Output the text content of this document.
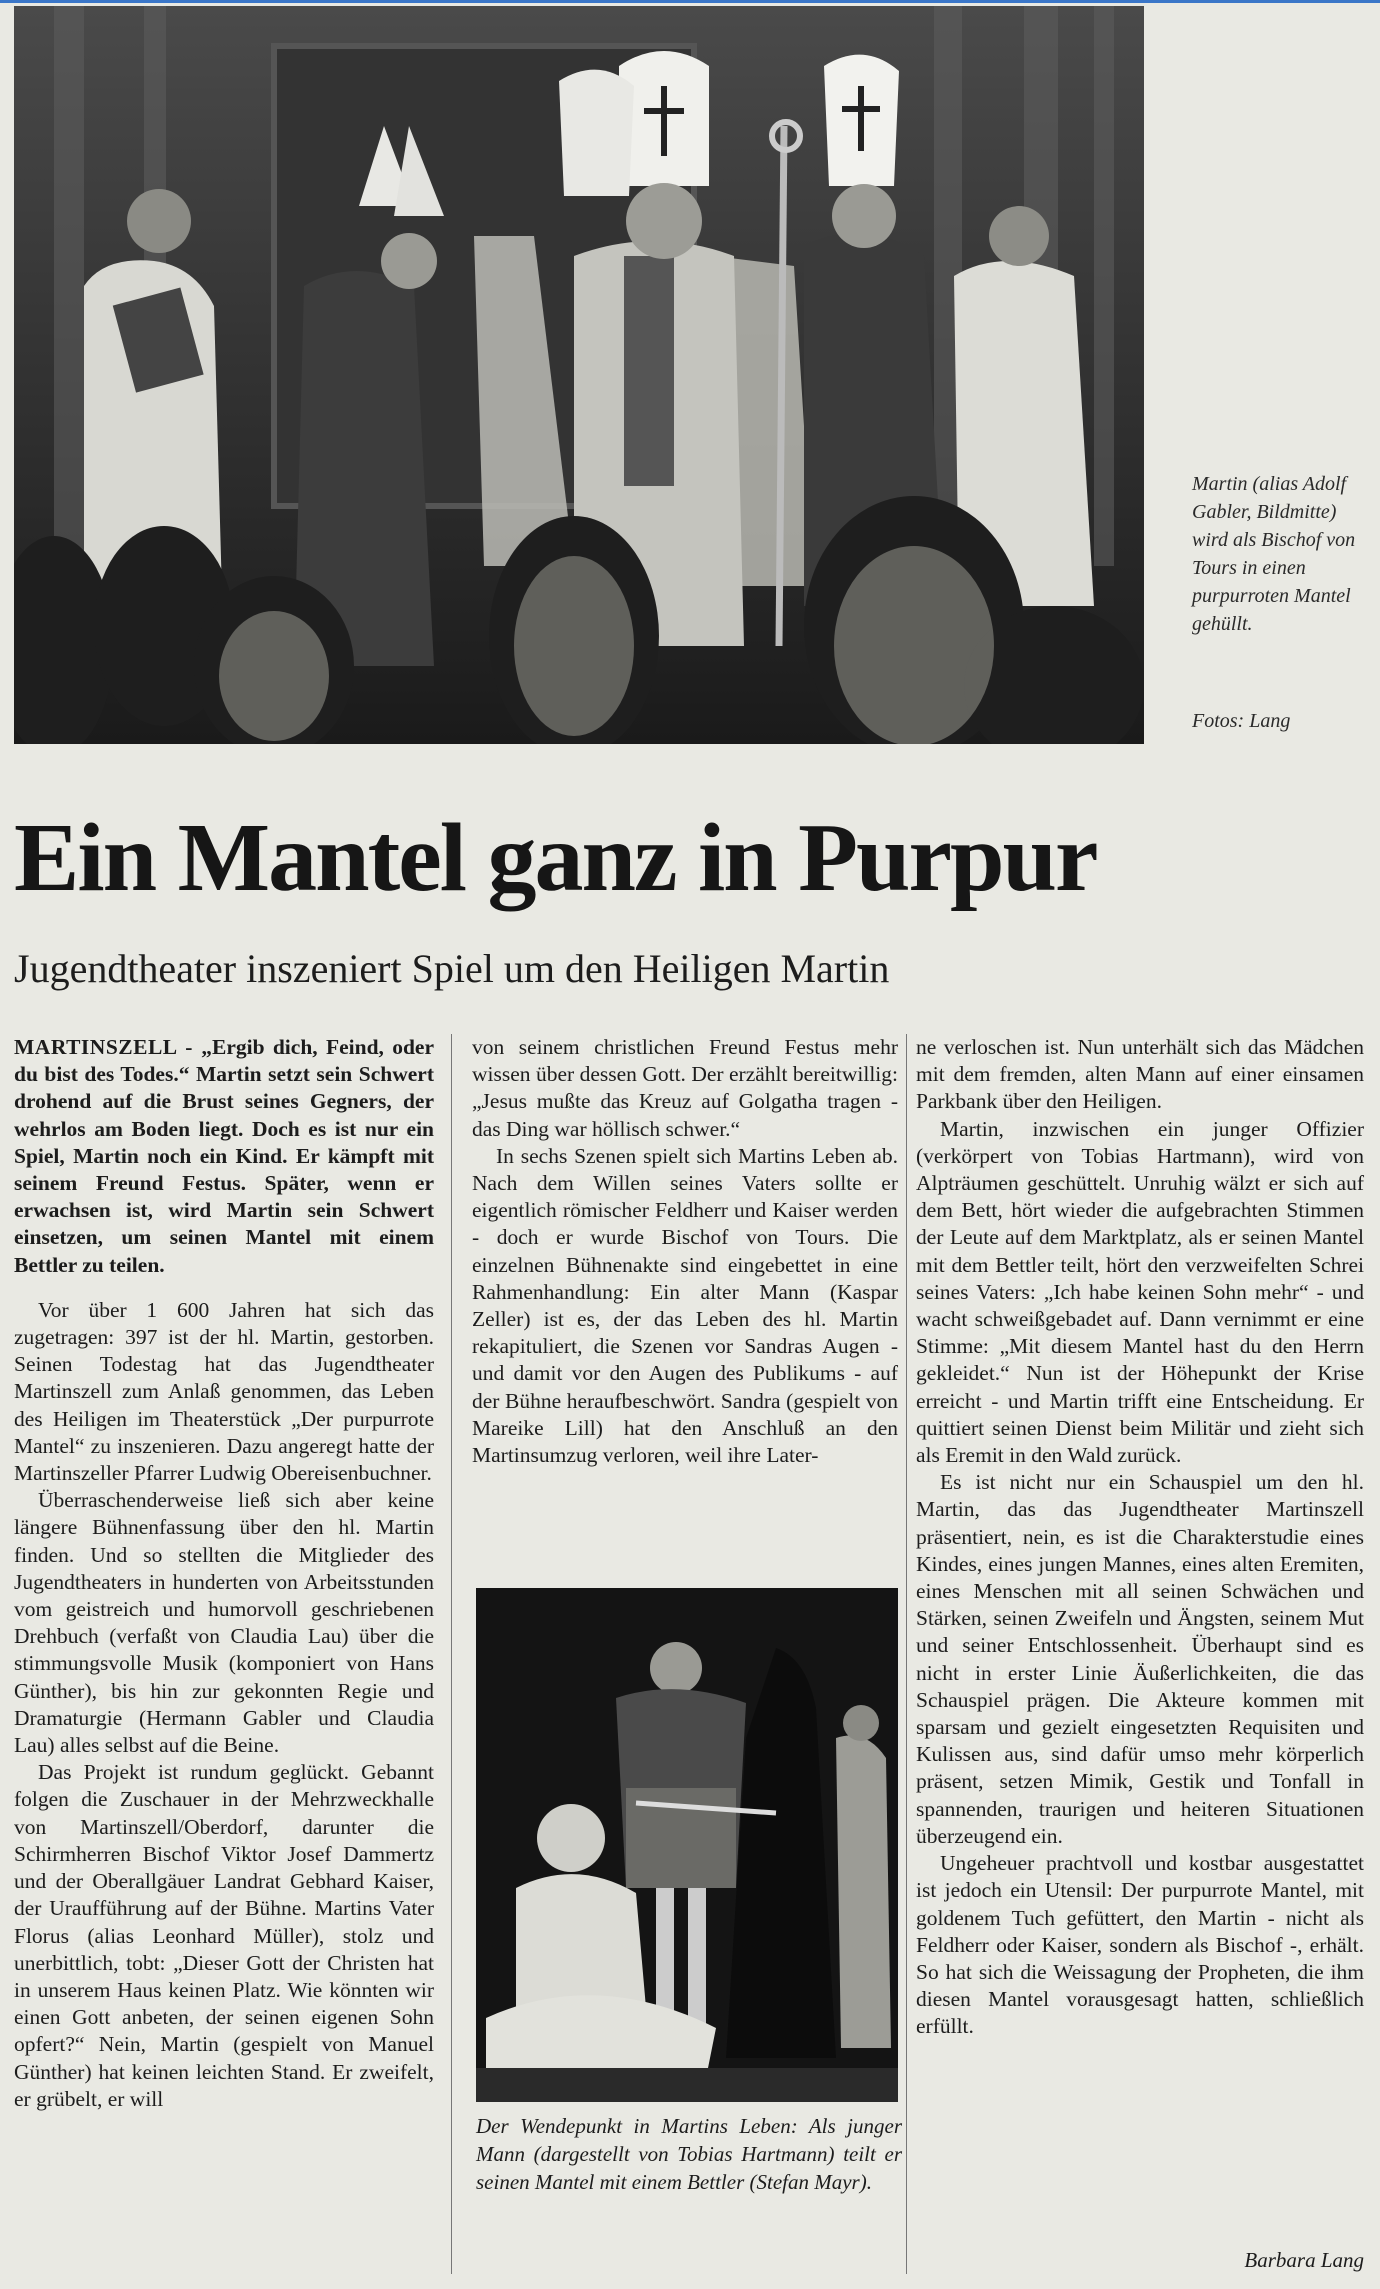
Martin (alias Adolf Gabler, Bildmitte) wird als Bischof von Tours in einen purpurroten Mantel gehüllt.
Fotos: Lang
Ein Mantel ganz in Purpur
Jugendtheater inszeniert Spiel um den Heiligen Martin
MARTINSZELL - „Ergib dich, Feind, oder du bist des Todes.“ Martin setzt sein Schwert drohend auf die Brust seines Gegners, der wehrlos am Boden liegt. Doch es ist nur ein Spiel, Martin noch ein Kind. Er kämpft mit seinem Freund Festus. Später, wenn er erwachsen ist, wird Martin sein Schwert einsetzen, um seinen Mantel mit einem Bettler zu teilen.

Vor über 1 600 Jahren hat sich das zugetragen: 397 ist der hl. Martin, gestorben. Seinen Todestag hat das Jugendtheater Martinszell zum Anlaß genommen, das Leben des Heiligen im Theaterstück „Der purpurrote Mantel“ zu inszenieren. Dazu angeregt hatte der Martinszeller Pfarrer Ludwig Obereisenbuchner.

Überraschenderweise ließ sich aber keine längere Bühnenfassung über den hl. Martin finden. Und so stellten die Mitglieder des Jugendtheaters in hunderten von Arbeitsstunden vom geistreich und humorvoll geschriebenen Drehbuch (verfaßt von Claudia Lau) über die stimmungsvolle Musik (komponiert von Hans Günther), bis hin zur gekonnten Regie und Dramaturgie (Hermann Gabler und Claudia Lau) alles selbst auf die Beine.

Das Projekt ist rundum geglückt. Gebannt folgen die Zuschauer in der Mehrzweckhalle von Martinszell/Oberdorf, darunter die Schirmherren Bischof Viktor Josef Dammertz und der Oberallgäuer Landrat Gebhard Kaiser, der Uraufführung auf der Bühne. Martins Vater Florus (alias Leonhard Müller), stolz und unerbittlich, tobt: „Dieser Gott der Christen hat in unserem Haus keinen Platz. Wie könnten wir einen Gott anbeten, der seinen eigenen Sohn opfert?“ Nein, Martin (gespielt von Manuel Günther) hat keinen leichten Stand. Er zweifelt, er grübelt, er will

von seinem christlichen Freund Festus mehr wissen über dessen Gott. Der erzählt bereitwillig: „Jesus mußte das Kreuz auf Golgatha tragen - das Ding war höllisch schwer.“

In sechs Szenen spielt sich Martins Leben ab. Nach dem Willen seines Vaters sollte er eigentlich römischer Feldherr und Kaiser werden - doch er wurde Bischof von Tours. Die einzelnen Bühnenakte sind eingebettet in eine Rahmenhandlung: Ein alter Mann (Kaspar Zeller) ist es, der das Leben des hl. Martin rekapituliert, die Szenen vor Sandras Augen - und damit vor den Augen des Publikums - auf der Bühne heraufbeschwört. Sandra (gespielt von Mareike Lill) hat den Anschluß an den Martinsumzug verloren, weil ihre Later-

Der Wendepunkt in Martins Leben: Als junger Mann (dargestellt von Tobias Hartmann) teilt er seinen Mantel mit einem Bettler (Stefan Mayr).

ne verloschen ist. Nun unterhält sich das Mädchen mit dem fremden, alten Mann auf einer einsamen Parkbank über den Heiligen.

Martin, inzwischen ein junger Offizier (verkörpert von Tobias Hartmann), wird von Alpträumen geschüttelt. Unruhig wälzt er sich auf dem Bett, hört wieder die aufgebrachten Stimmen der Leute auf dem Marktplatz, als er seinen Mantel mit dem Bettler teilt, hört den verzweifelten Schrei seines Vaters: „Ich habe keinen Sohn mehr“ - und wacht schweißgebadet auf. Dann vernimmt er eine Stimme: „Mit diesem Mantel hast du den Herrn gekleidet.“ Nun ist der Höhepunkt der Krise erreicht - und Martin trifft eine Entscheidung. Er quittiert seinen Dienst beim Militär und zieht sich als Eremit in den Wald zurück.

Es ist nicht nur ein Schauspiel um den hl. Martin, das das Jugendtheater Martinszell präsentiert, nein, es ist die Charakterstudie eines Kindes, eines jungen Mannes, eines alten Eremiten, eines Menschen mit all seinen Schwächen und Stärken, seinen Zweifeln und Ängsten, seinem Mut und seiner Entschlossenheit. Überhaupt sind es nicht in erster Linie Äußerlichkeiten, die das Schauspiel prägen. Die Akteure kommen mit sparsam und gezielt eingesetzten Requisiten und Kulissen aus, sind dafür umso mehr körperlich präsent, setzen Mimik, Gestik und Tonfall in spannenden, traurigen und heiteren Situationen überzeugend ein.

Ungeheuer prachtvoll und kostbar ausgestattet ist jedoch ein Utensil: Der purpurrote Mantel, mit goldenem Tuch gefüttert, den Martin - nicht als Feldherr oder Kaiser, sondern als Bischof -, erhält. So hat sich die Weissagung der Propheten, die ihm diesen Mantel vorausgesagt hatten, schließlich erfüllt.

Barbara Lang
